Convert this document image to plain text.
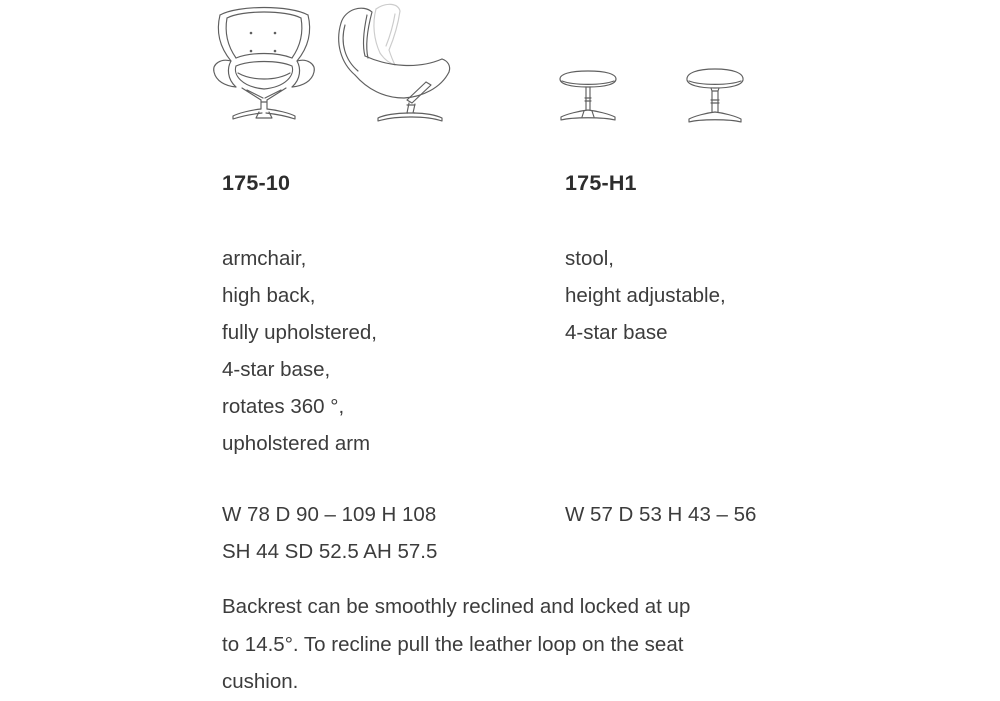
175-10
armchair,
high back,
fully upholstered,
4-star base,
rotates 360 °,
upholstered arm
W 78 D 90 – 109 H 108
SH 44 SD 52.5 AH 57.5
175-H1
stool,
height adjustable,
4-star base
W 57 D 53 H 43 – 56
Backrest can be smoothly reclined and locked at up
to 14.5°. To recline pull the leather loop on the seat
cushion.
